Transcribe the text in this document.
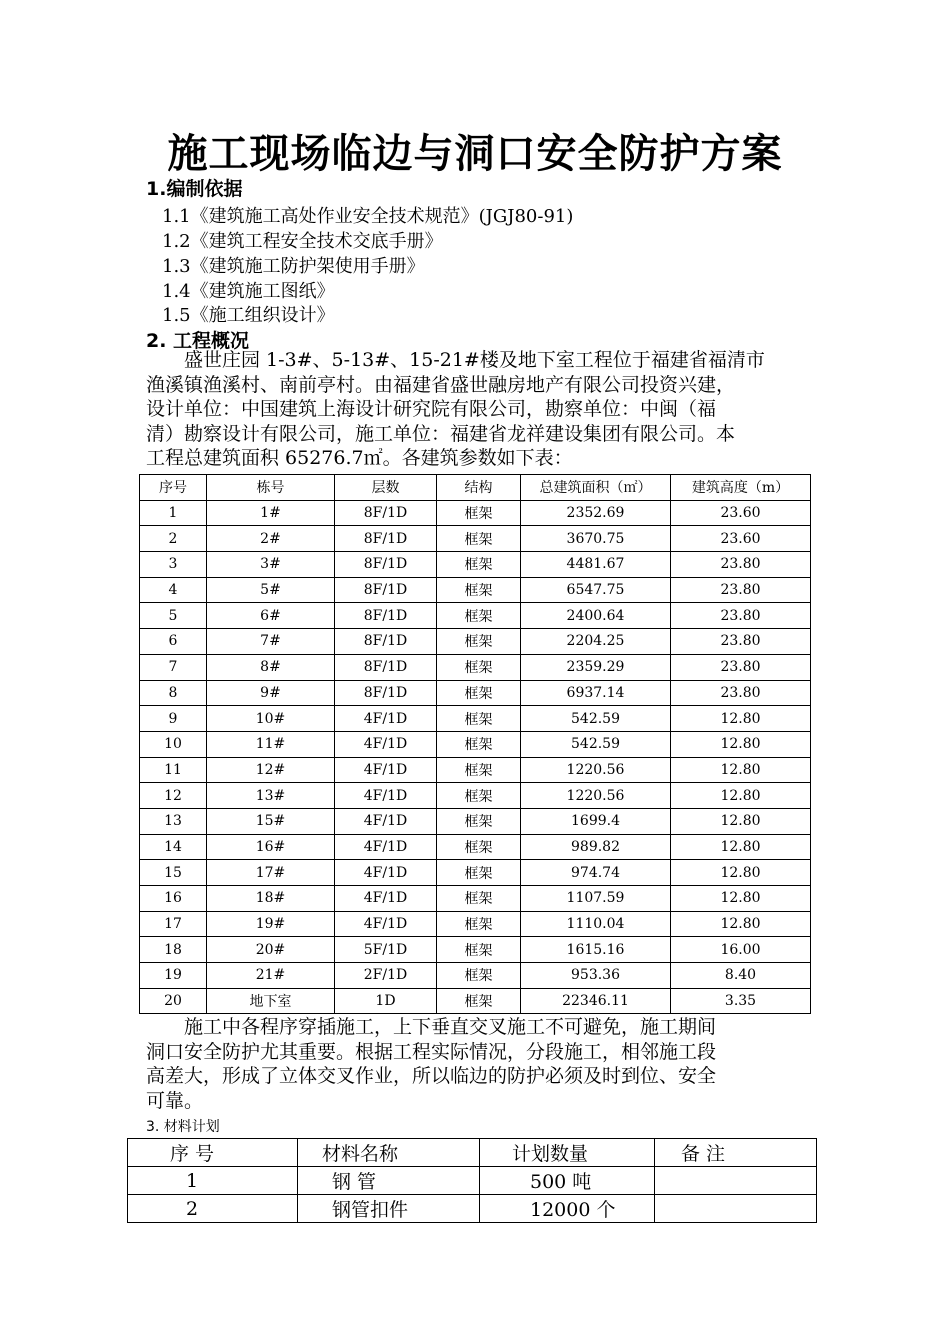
施工现场临边与洞口安全防护方案
1.编制依据
1.1《建筑施工高处作业安全技术规范》(JGJ80-91)
1.2《建筑工程安全技术交底手册》
1.3《建筑施工防护架使用手册》
1.4《建筑施工图纸》
1.5《施工组织设计》
2. 工程概况
　　盛世庄园 1-3#、5-13#、15-21#楼及地下室工程位于福建省福清市
渔溪镇渔溪村、南前亭村。由福建省盛世融房地产有限公司投资兴建，
设计单位：中国建筑上海设计研究院有限公司，勘察单位：中闽（福
清）勘察设计有限公司，施工单位：福建省龙祥建设集团有限公司。本
工程总建筑面积 65276.7㎡。各建筑参数如下表：
序号	栋号	层数	结构	总建筑面积（㎡）	建筑高度（m）
1	1#	8F/1D	框架	2352.69	23.60
2	2#	8F/1D	框架	3670.75	23.60
3	3#	8F/1D	框架	4481.67	23.80
4	5#	8F/1D	框架	6547.75	23.80
5	6#	8F/1D	框架	2400.64	23.80
6	7#	8F/1D	框架	2204.25	23.80
7	8#	8F/1D	框架	2359.29	23.80
8	9#	8F/1D	框架	6937.14	23.80
9	10#	4F/1D	框架	542.59	12.80
10	11#	4F/1D	框架	542.59	12.80
11	12#	4F/1D	框架	1220.56	12.80
12	13#	4F/1D	框架	1220.56	12.80
13	15#	4F/1D	框架	1699.4	12.80
14	16#	4F/1D	框架	989.82	12.80
15	17#	4F/1D	框架	974.74	12.80
16	18#	4F/1D	框架	1107.59	12.80
17	19#	4F/1D	框架	1110.04	12.80
18	20#	5F/1D	框架	1615.16	16.00
19	21#	2F/1D	框架	953.36	8.40
20	地下室	1D	框架	22346.11	3.35
　　施工中各程序穿插施工，上下垂直交叉施工不可避免，施工期间
洞口安全防护尤其重要。根据工程实际情况，分段施工，相邻施工段
高差大，形成了立体交叉作业，所以临边的防护必须及时到位、安全
可靠。
3. 材料计划
序 号	材料名称	计划数量	备 注
1	钢 管	500 吨	
2	钢管扣件	12000 个	
